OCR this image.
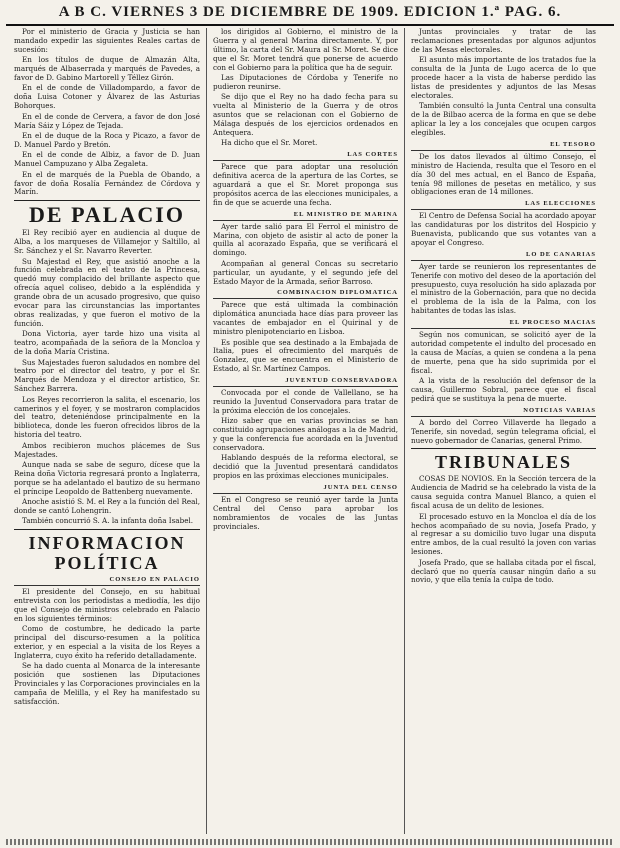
A B C. VIERNES 3 DE DICIEMBRE DE 1909. EDICION 1.ª PAG. 6.

Por el ministerio de Gracia y Justicia se han mandado expedir las siguientes Reales cartas de sucesión:

En los títulos de duque de Almazán Alta, marqués de Albaserrada y marqués de Pavedes, a favor de D. Gabino Martorell y Téllez Girón.

En el de conde de Villadompardo, a favor de doña Luisa Cotoner y Álvarez de las Asturias Bohorques.

En el de conde de Cervera, a favor de don José María Sáiz y López de Tejada.

En el de duque de la Roca y Picazo, a favor de D. Manuel Pardo y Bretón.

En el de conde de Albiz, a favor de D. Juan Manuel Campuzano y Alba Zegaleta.

En el de marqués de la Puebla de Obando, a favor de doña Rosalía Fernández de Córdova y Marín.

DE PALACIO

El Rey recibió ayer en audiencia al duque de Alba, a los marqueses de Villamejor y Saltillo, al Sr. Sánchez y el Sr. Navarro Reverter.

Su Majestad el Rey, que asistió anoche a la función celebrada en el teatro de la Princesa, quedó muy complacido del brillante aspecto que ofrecía aquel coliseo, debido a la espléndida y grande obra de un acusado progresivo, que quiso evocar para las circunstancias las importantes obras realizadas, y que fueron el motivo de la función.

Dona Victoria, ayer tarde hizo una visita al teatro, acompañada de la señora de la Moncloa y de la doña María Cristina.

Sus Majestades fueron saludados en nombre del teatro por el director del teatro, y por el Sr. Marqués de Mendoza y el director artístico, Sr. Sánchez Barrera.

Los Reyes recorrieron la salita, el escenario, los camerinos y el foyer, y se mostraron complacidos del teatro, deteniéndose principalmente en la biblioteca, donde les fueron ofrecidos libros de la historia del teatro.

Ambos recibieron muchos plácemes de Sus Majestades.

Aunque nada se sabe de seguro, dícese que la Reina doña Victoria regresará pronto a Inglaterra, porque se ha adelantado el bautizo de su hermano el príncipe Leopoldo de Battenberg nuevamente.

Anoche asistió S. M. el Rey a la función del Real, donde se cantó Lohengrin.

También concurrió S. A. la infanta doña Isabel.

INFORMACION POLÍTICA
CONSEJO EN PALACIO

El presidente del Consejo, en su habitual entrevista con los periodistas a mediodía, les dijo que el Consejo de ministros celebrado en Palacio en los siguientes términos:

Como de costumbre, he dedicado la parte principal del discurso-resumen a la política exterior, y en especial a la visita de los Reyes a Inglaterra, cuyo éxito ha referido detalladamente.

Se ha dado cuenta al Monarca de la interesante posición que sostienen las Diputaciones Provinciales y las Corporaciones provinciales en la campaña de Melilla, y el Rey ha manifestado su satisfacción.

los dirigidos al Gobierno, el ministro de la Guerra y al general Marina directamente. Y, por último, la carta del Sr. Maura al Sr. Moret. Se dice que el Sr. Moret tendrá que ponerse de acuerdo con el Gobierno para la política que ha de seguir.

Las Diputaciones de Córdoba y Tenerife no pudieron reunirse.

Se dijo que el Rey no ha dado fecha para su vuelta al Ministerio de la Guerra y de otros asuntos que se relacionan con el Gobierno de Málaga después de los ejercicios ordenados en Antequera.

Ha dicho que el Sr. Moret.

LAS CORTES

Parece que para adoptar una resolución definitiva acerca de la apertura de las Cortes, se aguardará a que el Sr. Moret proponga sus propósitos acerca de las elecciones municipales, a fin de que se acuerde una fecha.

EL MINISTRO DE MARINA

Ayer tarde salió para El Ferrol el ministro de Marina, con objeto de asistir al acto de poner la quilla al acorazado España, que se verificará el domingo.

Acompañan al general Concas su secretario particular, un ayudante, y el segundo jefe del Estado Mayor de la Armada, señor Barroso.

COMBINACION DIPLOMATICA

Parece que está ultimada la combinación diplomática anunciada hace días para proveer las vacantes de embajador en el Quirinal y de ministro plenipotenciario en Lisboa.

Es posible que sea destinado a la Embajada de Italia, pues el ofrecimiento del marqués de Gonzalez, que se encuentra en el Ministerio de Estado, al Sr. Martínez Campos.

JUVENTUD CONSERVADORA

Convocada por el conde de Vallellano, se ha reunido la Juventud Conservadora para tratar de la próxima elección de los concejales.

Hizo saber que en varias provincias se han constituido agrupaciones análogas a la de Madrid, y que la conferencia fue acordada en la Juventud conservadora.

Hablando después de la reforma electoral, se decidió que la Juventud presentará candidatos propios en las próximas elecciones municipales.

JUNTA DEL CENSO

En el Congreso se reunió ayer tarde la Junta Central del Censo para aprobar los nombramientos de vocales de las Juntas provinciales.

Juntas provinciales y tratar de las reclamaciones presentadas por algunos adjuntos de las Mesas electorales.

El asunto más importante de los tratados fue la consulta de la Junta de Lugo acerca de lo que procede hacer a la vista de haberse perdido las listas de presidentes y adjuntos de las Mesas electorales.

También consultó la Junta Central una consulta de la de Bilbao acerca de la forma en que se debe aplicar la ley a los concejales que ocupen cargos elegibles.

EL TESORO

De los datos llevados al último Consejo, el ministro de Hacienda, resulta que el Tesoro en el día 30 del mes actual, en el Banco de España, tenía 98 millones de pesetas en metálico, y sus obligaciones eran de 14 millones.

LAS ELECCIONES

El Centro de Defensa Social ha acordado apoyar las candidaturas por los distritos del Hospicio y Buenavista, publicando que sus votantes van a apoyar el Congreso.

LO DE CANARIAS

Ayer tarde se reunieron los representantes de Tenerife con motivo del deseo de la aportación del presupuesto, cuya resolución ha sido aplazada por el ministro de la Gobernación, para que no decida el problema de la isla de la Palma, con los habitantes de todas las islas.

EL PROCESO MACIAS

Según nos comunican, se solicitó ayer de la autoridad competente el indulto del procesado en la causa de Macías, a quien se condena a la pena de muerte, pena que ha sido suprimida por el fiscal.

A la vista de la resolución del defensor de la causa, Guillermo Sobral, parece que el fiscal pedirá que se sustituya la pena de muerte.

NOTICIAS VARIAS

A bordo del Correo Villaverde ha llegado a Tenerife, sin novedad, según telegrama oficial, el nuevo gobernador de Canarias, general Primo.

TRIBUNALES

COSAS DE NOVIOS. En la Sección tercera de la Audiencia de Madrid se ha celebrado la vista de la causa seguida contra Manuel Blanco, a quien el fiscal acusa de un delito de lesiones.

El procesado estuvo en la Moncloa el día de los hechos acompañado de su novia, Josefa Prado, y al regresar a su domicilio tuvo lugar una disputa entre ambos, de la cual resultó la joven con varias lesiones.

Josefa Prado, que se hallaba citada por el fiscal, declaró que no quería causar ningún daño a su novio, y que ella tenía la culpa de todo.
